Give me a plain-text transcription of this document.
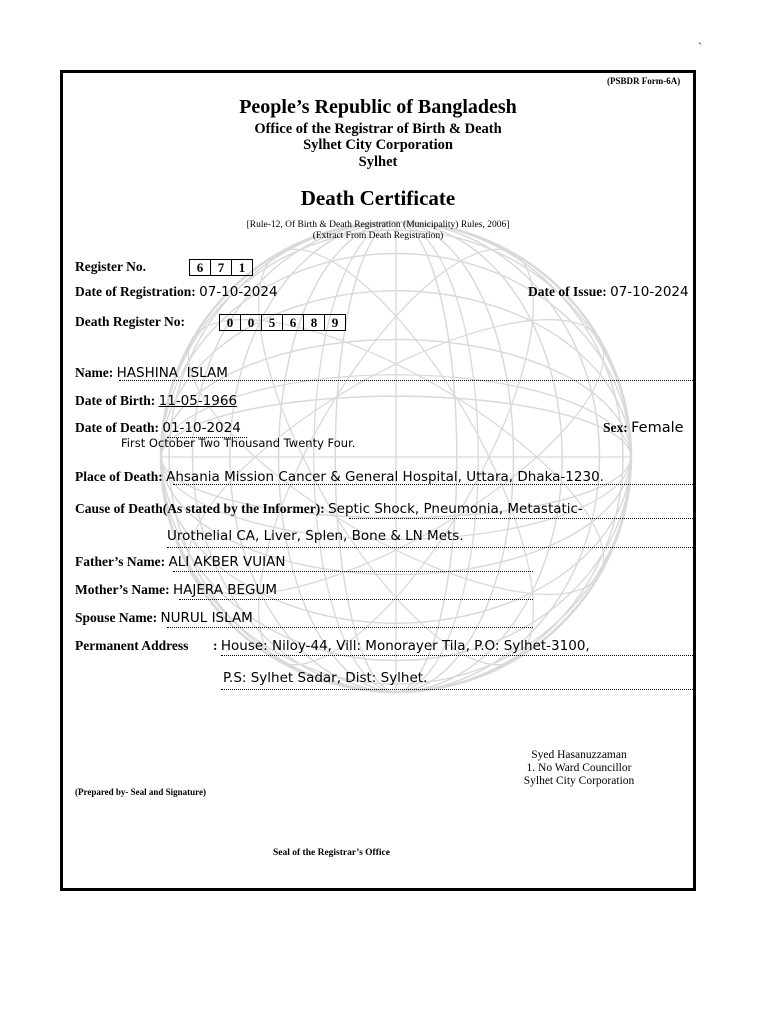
`
(PSBDR Form-6A)
People’s Republic of Bangladesh
Office of the Registrar of Birth & Death
Sylhet City Corporation
Sylhet
Death Certificate
[Rule-12, Of Birth & Death Registration (Municipality) Rules, 2006]
(Extract From Death Registration)
Register No.	6	7	1
Date of Registration: 07-10-2024	Date of Issue: 07-10-2024
Death Register No:	0	0	5	6	8	9
Name: HASHINA  ISLAM
Date of Birth: 11-05-1966
Date of Death: 01-10-2024	Sex: Female
First October Two Thousand Twenty Four.
Place of Death: Ahsania Mission Cancer & General Hospital, Uttara, Dhaka-1230.
Cause of Death(As stated by the Informer): Septic Shock, Pneumonia, Metastatic-
Urothelial CA, Liver, Splen, Bone & LN Mets.
Father’s Name: ALI AKBER VUIAN
Mother’s Name: HAJERA BEGUM
Spouse Name: NURUL ISLAM
Permanent Address : House: Niloy-44, Vill: Monorayer Tila, P.O: Sylhet-3100,
P.S: Sylhet Sadar, Dist: Sylhet.
Syed Hasanuzzaman
1. No Ward Councillor
Sylhet City Corporation
(Prepared by- Seal and Signature)
Seal of the Registrar’s Office
